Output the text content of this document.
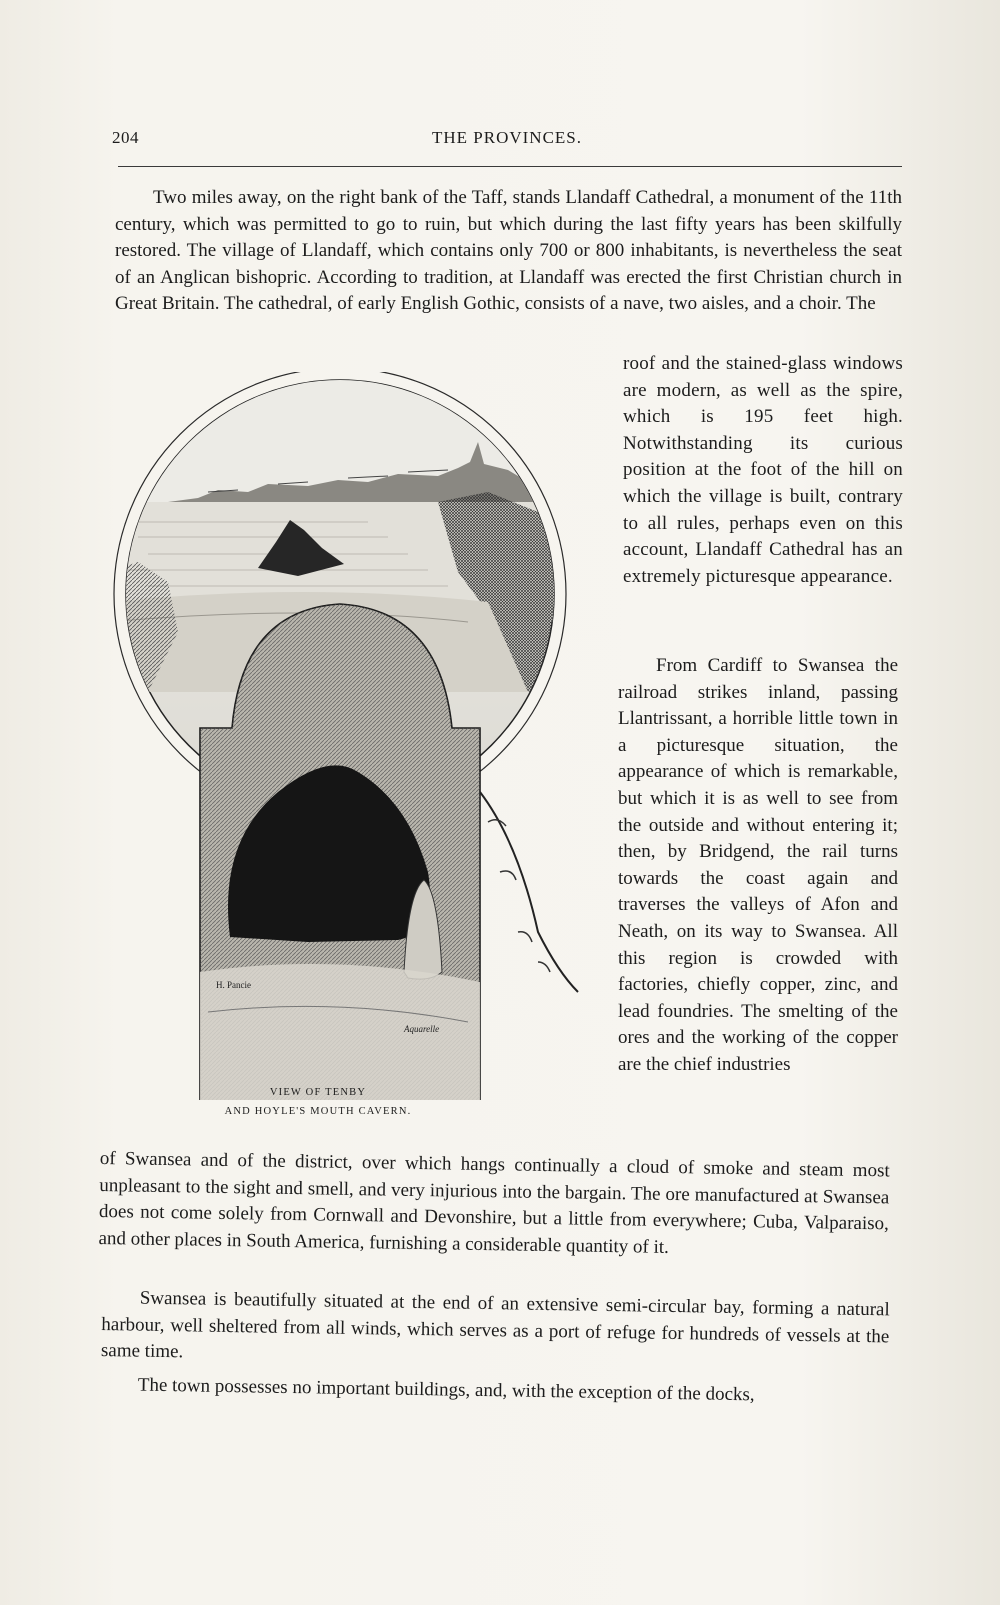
204	THE PROVINCES.

Two miles away, on the right bank of the Taff, stands Llandaff Cathedral, a monument of the 11th century, which was permitted to go to ruin, but which during the last fifty years has been skilfully restored. The village of Llandaff, which contains only 700 or 800 inhabitants, is nevertheless the seat of an Anglican bishopric. According to tradition, at Llandaff was erected the first Christian church in Great Britain. The cathedral, of early English Gothic, consists of a nave, two aisles, and a choir. The

roof and the stained-glass windows are modern, as well as the spire, which is 195 feet high. Notwithstanding its curious position at the foot of the hill on which the village is built, contrary to all rules, perhaps even on this account, Llandaff Cathedral has an extremely picturesque appearance.

From Cardiff to Swansea the railroad strikes inland, passing Llantrissant, a horrible little town in a picturesque situation, the appearance of which is remarkable, but which it is as well to see from the outside and without entering it; then, by Bridgend, the rail turns towards the coast again and traverses the valleys of Afon and Neath, on its way to Swansea. All this region is crowded with factories, chiefly copper, zinc, and lead foundries. The smelting of the ores and the working of the copper are the chief industries

of Swansea and of the district, over which hangs continually a cloud of smoke and steam most unpleasant to the sight and smell, and very injurious into the bargain. The ore manufactured at Swansea does not come solely from Cornwall and Devonshire, but a little from everywhere; Cuba, Valparaiso, and other places in South America, furnishing a considerable quantity of it.

Swansea is beautifully situated at the end of an extensive semi-circular bay, forming a natural harbour, well sheltered from all winds, which serves as a port of refuge for hundreds of vessels at the same time.

The town possesses no important buildings, and, with the exception of the docks,

H. Pancie
Aquarelle
VIEW OF TENBY
AND HOYLE'S MOUTH CAVERN.
